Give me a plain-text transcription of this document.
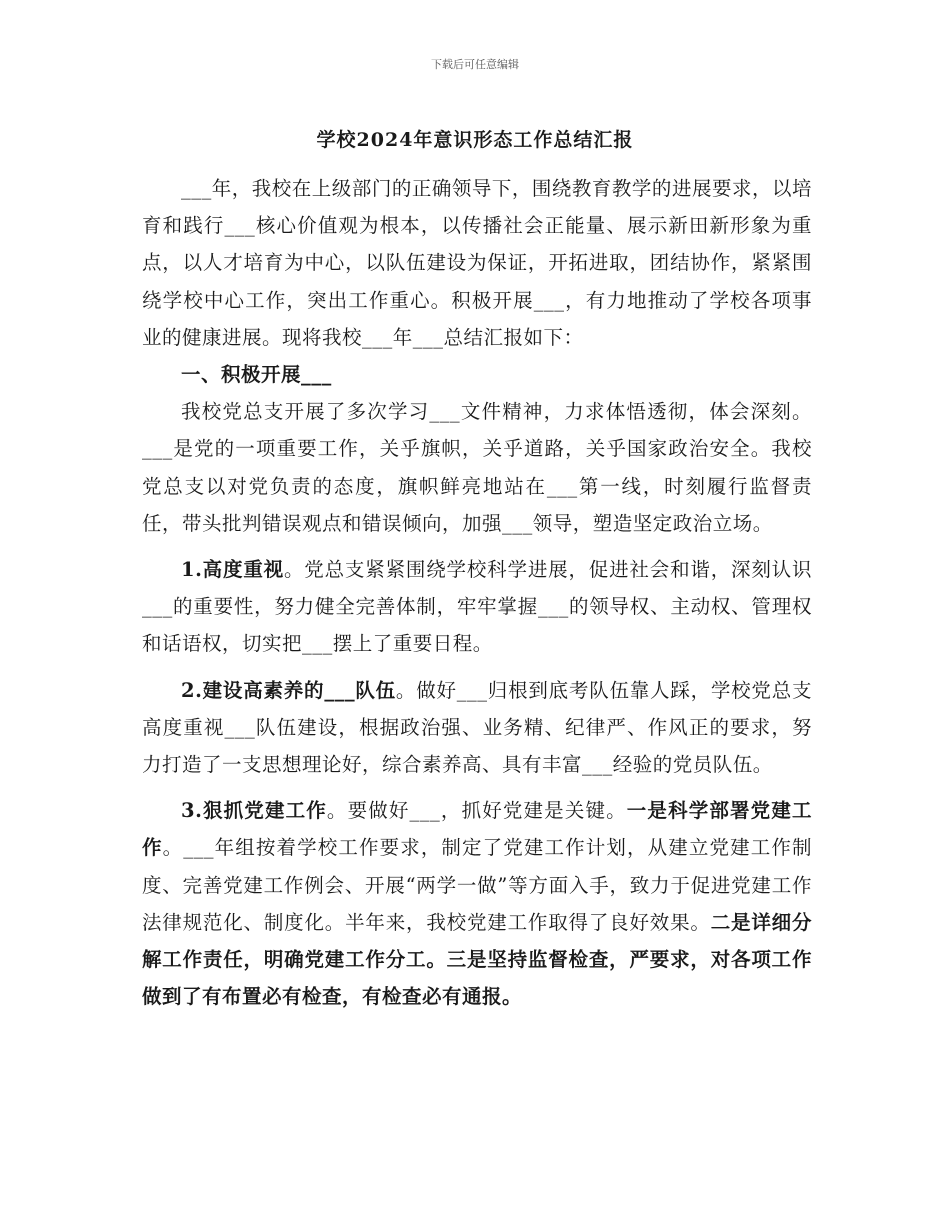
下载后可任意编辑
学校2024年意识形态工作总结汇报

___年，我校在上级部门的正确领导下，围绕教育教学的进展要求，以培育和践行___核心价值观为根本，以传播社会正能量、展示新田新形象为重点，以人才培育为中心，以队伍建设为保证，开拓进取，团结协作，紧紧围绕学校中心工作，突出工作重心。积极开展___，有力地推动了学校各项事业的健康进展。现将我校___年___总结汇报如下：

一、积极开展___

我校党总支开展了多次学习___文件精神，力求体悟透彻，体会深刻。___是党的一项重要工作，关乎旗帜，关乎道路，关乎国家政治安全。我校党总支以对党负责的态度，旗帜鲜亮地站在___第一线，时刻履行监督责任，带头批判错误观点和错误倾向，加强___领导，塑造坚定政治立场。

1.高度重视。党总支紧紧围绕学校科学进展，促进社会和谐，深刻认识___的重要性，努力健全完善体制，牢牢掌握___的领导权、主动权、管理权和话语权，切实把___摆上了重要日程。

2.建设高素养的___队伍。做好___归根到底考队伍靠人踩，学校党总支高度重视___队伍建设，根据政治强、业务精、纪律严、作风正的要求，努力打造了一支思想理论好，综合素养高、具有丰富___经验的党员队伍。

3.狠抓党建工作。要做好___，抓好党建是关键。一是科学部署党建工作。___年组按着学校工作要求，制定了党建工作计划，从建立党建工作制度、完善党建工作例会、开展“两学一做”等方面入手，致力于促进党建工作法律规范化、制度化。半年来，我校党建工作取得了良好效果。二是详细分解工作责任，明确党建工作分工。三是坚持监督检查，严要求，对各项工作做到了有布置必有检查，有检查必有通报。
